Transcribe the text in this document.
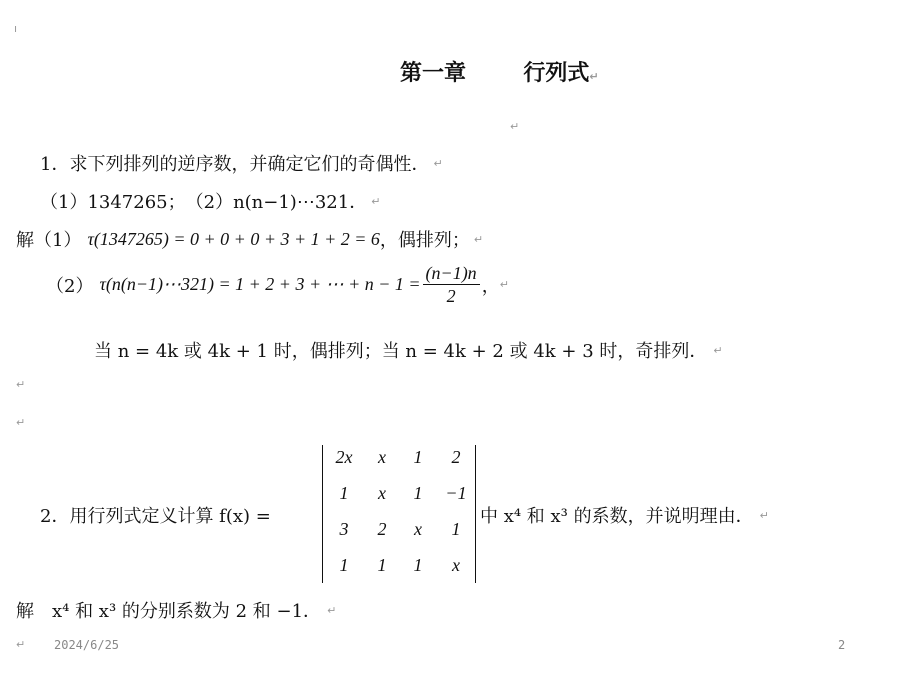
ı
第一章	行列式↵
↵
1．求下列排列的逆序数，并确定它们的奇偶性． ↵
（1）1347265；　（2）n(n−1)⋯321． ↵
解（1） τ(1347265) = 0 + 0 + 0 + 3 + 1 + 2 = 6 ，偶排列； ↵
（2） τ(n(n−1)⋯321) = 1 + 2 + 3 + ⋯ + $n - 1 = \frac{(n-1)n}{2}$ ， ↵
当 n = 4k 或 4k + 1 时，偶排列；当 n = 4k + 2 或 4k + 3 时，奇排列． ↵
↵
↵
2．用行列式定义计算 f(x) =
2x	x	1	2
1	x	1	−1
3	2	x	1
1	1	1	x
中 x⁴ 和 x³ 的系数，并说明理由． ↵
解　x⁴ 和 x³ 的分别系数为 2 和 −1． ↵
↵ 2024/6/25	2
